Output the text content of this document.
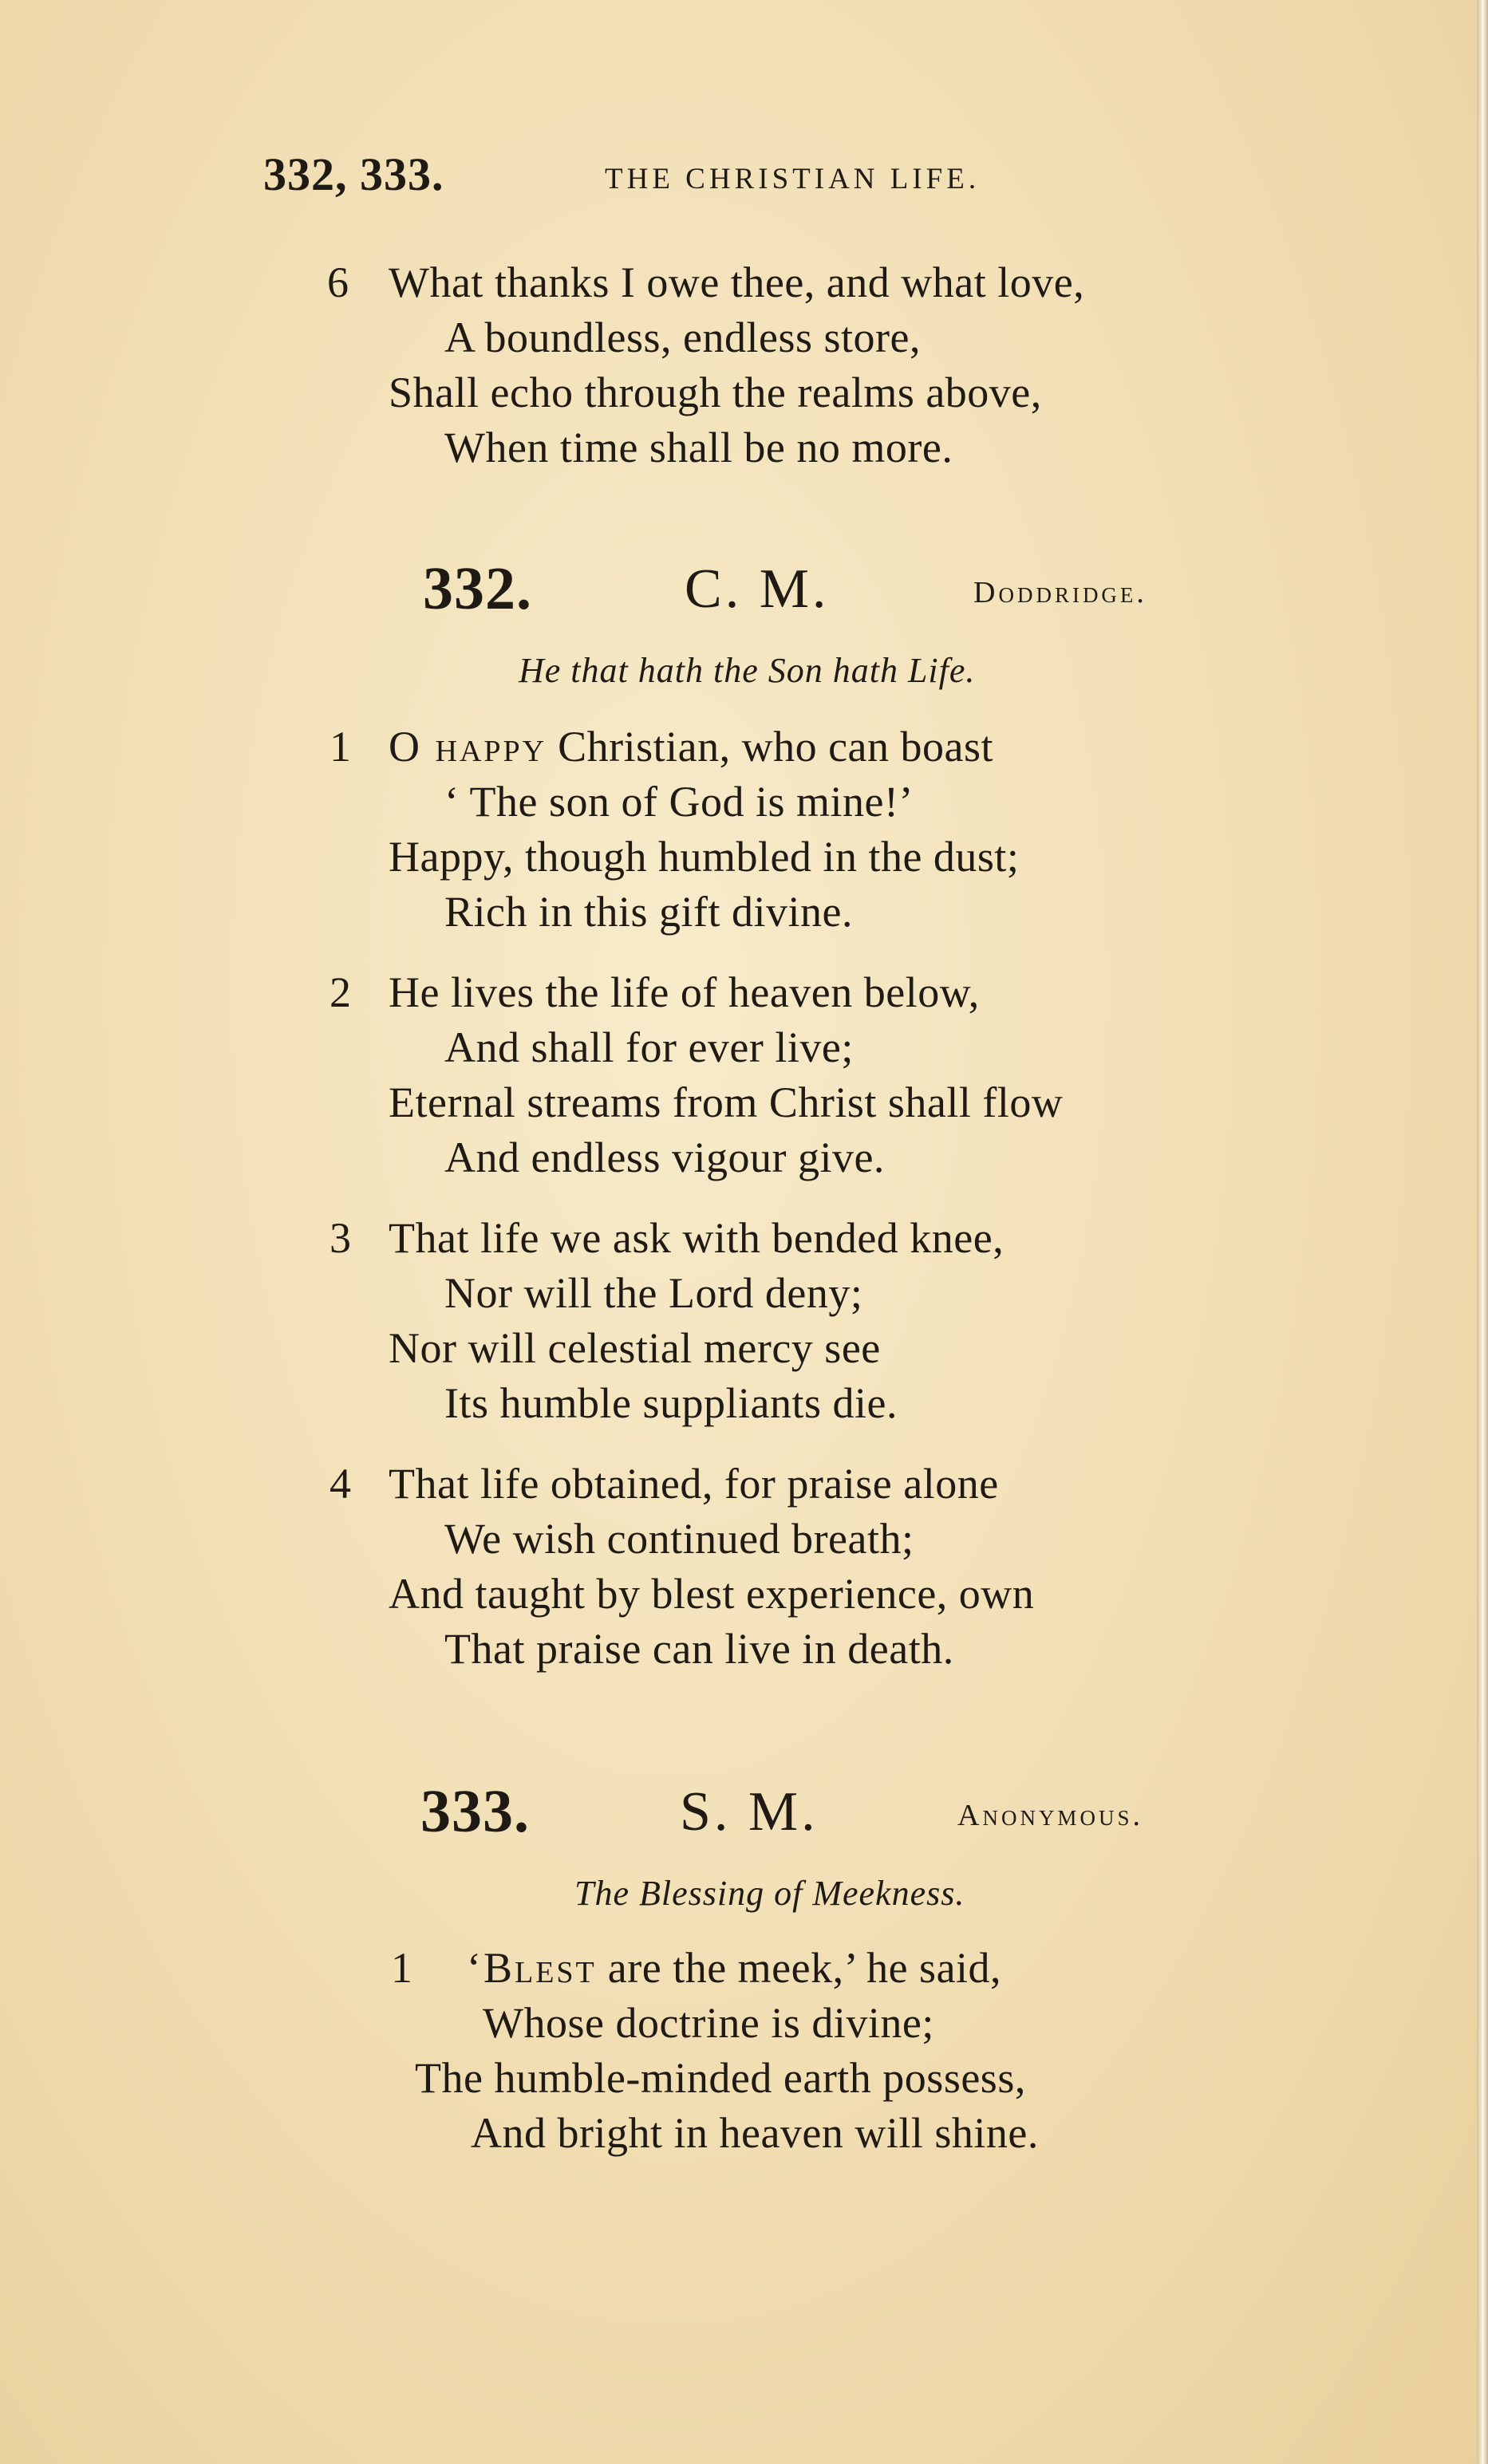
332, 333.	THE CHRISTIAN LIFE.
6 What thanks I owe thee, and what love,
A boundless, endless store,
Shall echo through the realms above,
When time shall be no more.
332.	C. M.	Doddridge.
He that hath the Son hath Life.
1 O happy Christian, who can boast
‘ The son of God is mine!’
Happy, though humbled in the dust;
Rich in this gift divine.
2 He lives the life of heaven below,
And shall for ever live;
Eternal streams from Christ shall flow
And endless vigour give.
3 That life we ask with bended knee,
Nor will the Lord deny;
Nor will celestial mercy see
Its humble suppliants die.
4 That life obtained, for praise alone
We wish continued breath;
And taught by blest experience, own
That praise can live in death.
333.	S. M.	Anonymous.
The Blessing of Meekness.
1 ‘Blest are the meek,’ he said,
Whose doctrine is divine;
The humble-minded earth possess,
And bright in heaven will shine.
